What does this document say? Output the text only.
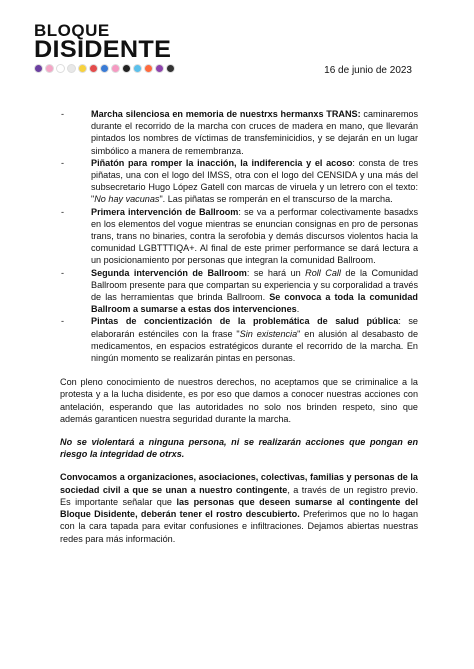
BLOQUE
DISIDENTE
16 de junio de 2023
- Marcha silenciosa en memoria de nuestrxs hermanxs TRANS: caminaremos durante el recorrido de la marcha con cruces de madera en mano, que llevarán pintados los nombres de víctimas de transfeminicidios, y se dejarán en un lugar simbólico a manera de remembranza.
- Piñatón para romper la inacción, la indiferencia y el acoso: consta de tres piñatas, una con el logo del IMSS, otra con el logo del CENSIDA y una más del subsecretario Hugo López Gatell con marcas de viruela y un letrero con el texto: "No hay vacunas". Las piñatas se romperán en el transcurso de la marcha.
- Primera intervención de Ballroom: se va a performar colectivamente basadxs en los elementos del vogue mientras se enuncian consignas en pro de personas trans, trans no binaries, contra la serofobia y demás discursos violentos hacia la comunidad LGBTTTIQA+. Al final de este primer performance se dará lectura a un posicionamiento por personas que integran la comunidad Ballroom.
- Segunda intervención de Ballroom: se hará un Roll Call de la Comunidad Ballroom presente para que compartan su experiencia y su corporalidad a través de las herramientas que brinda Ballroom. Se convoca a toda la comunidad Ballroom a sumarse a estas dos intervenciones.
- Pintas de concientización de la problemática de salud pública: se elaborarán esténciles con la frase "Sin existencia" en alusión al desabasto de medicamentos, en espacios estratégicos durante el recorrido de la marcha. En ningún momento se realizarán pintas en personas.

Con pleno conocimiento de nuestros derechos, no aceptamos que se criminalice a la protesta y a la lucha disidente, es por eso que damos a conocer nuestras acciones con antelación, esperando que las autoridades no solo nos brinden respeto, sino que además garanticen nuestra seguridad durante la marcha.

No se violentará a ninguna persona, ni se realizarán acciones que pongan en riesgo la integridad de otrxs.

Convocamos a organizaciones, asociaciones, colectivas, familias y personas de la sociedad civil a que se unan a nuestro contingente, a través de un registro previo. Es importante señalar que las personas que deseen sumarse al contingente del Bloque Disidente, deberán tener el rostro descubierto. Preferimos que no lo hagan con la cara tapada para evitar confusiones e infiltraciones. Dejamos abiertas nuestras redes para más información.
